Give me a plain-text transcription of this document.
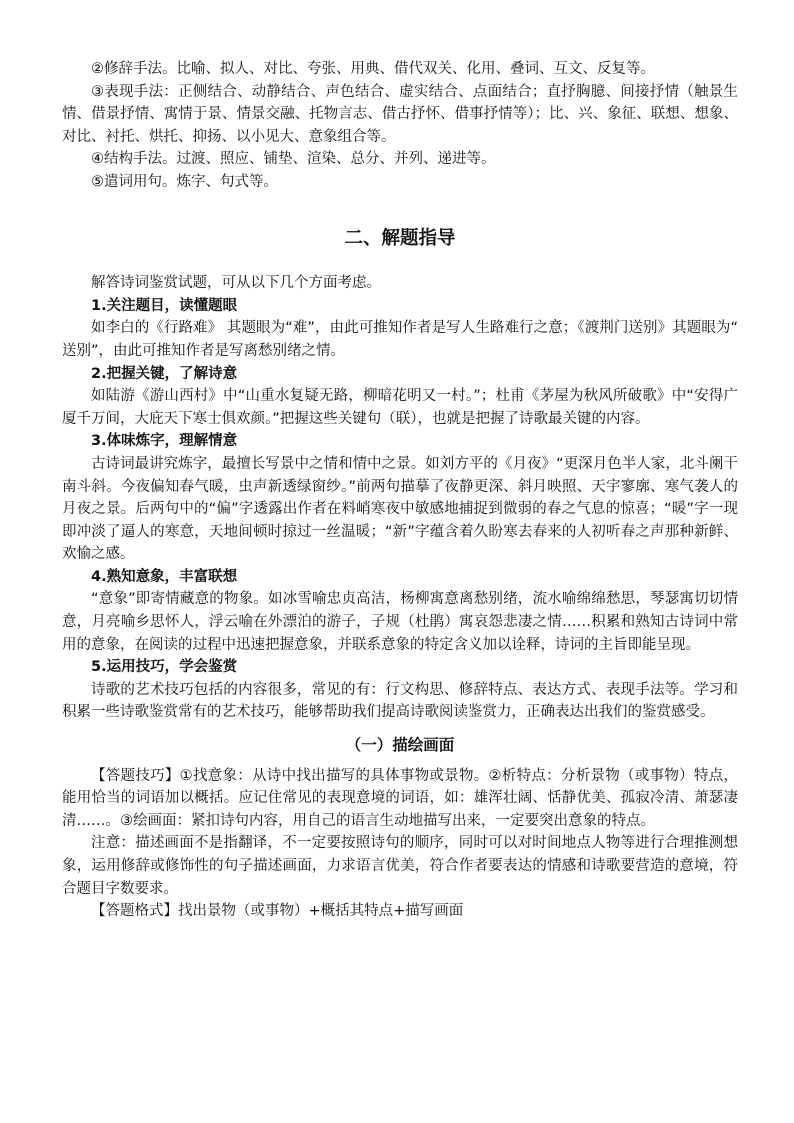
②修辞手法。比喻、拟人、对比、夸张、用典、借代双关、化用、叠词、互文、反复等。

③表现手法：正侧结合、动静结合、声色结合、虚实结合、点面结合；直抒胸臆、间接抒情（触景生情、借景抒情、寓情于景、情景交融、托物言志、借古抒怀、借事抒情等）；比、兴、象征、联想、想象、对比、衬托、烘托、抑扬、以小见大、意象组合等。

④结构手法。过渡、照应、铺垫、渲染、总分、并列、递进等。

⑤遣词用句。炼字、句式等。

二、解题指导

解答诗词鉴赏试题，可从以下几个方面考虑。

1.关注题目，读懂题眼

如李白的《行路难》 其题眼为“难”，由此可推知作者是写人生路难行之意；《渡荆门送别》其题眼为“ 送别”，由此可推知作者是写离愁别绪之情。

2.把握关键，了解诗意

如陆游《游山西村》中“山重水复疑无路，柳暗花明又一村。”；杜甫《茅屋为秋风所破歌》中“安得广厦千万间，大庇天下寒士俱欢颜。”把握这些关键句（联），也就是把握了诗歌最关键的内容。

3.体味炼字，理解情意

古诗词最讲究炼字，最擅长写景中之情和情中之景。如刘方平的《月夜》“更深月色半人家，北斗阑干南斗斜。今夜偏知春气暖，虫声新透绿窗纱。”前两句描摹了夜静更深、斜月映照、天宇寥廓、寒气袭人的月夜之景。后两句中的“偏”字透露出作者在料峭寒夜中敏感地捕捉到微弱的春之气息的惊喜；“暖”字一现即冲淡了逼人的寒意，天地间顿时掠过一丝温暖；“新”字蕴含着久盼寒去春来的人初听春之声那种新鲜、欢愉之感。

4.熟知意象，丰富联想

“意象”即寄情藏意的物象。如冰雪喻忠贞高洁，杨柳寓意离愁别绪，流水喻绵绵愁思，琴瑟寓切切情意，月亮喻乡思怀人，浮云喻在外漂泊的游子，子规（杜鹃）寓哀怨悲凄之情……积累和熟知古诗词中常用的意象，在阅读的过程中迅速把握意象，并联系意象的特定含义加以诠释，诗词的主旨即能呈现。

5.运用技巧，学会鉴赏

诗歌的艺术技巧包括的内容很多，常见的有：行文构思、修辞特点、表达方式、表现手法等。学习和积累一些诗歌鉴赏常有的艺术技巧，能够帮助我们提高诗歌阅读鉴赏力，正确表达出我们的鉴赏感受。

（一）描绘画面

【答题技巧】①找意象：从诗中找出描写的具体事物或景物。②析特点：分析景物（或事物）特点，能用恰当的词语加以概括。应记住常见的表现意境的词语，如：雄浑壮阔、恬静优美、孤寂冷清、萧瑟凄清……。③绘画面：紧扣诗句内容，用自己的语言生动地描写出来，一定要突出意象的特点。

注意：描述画面不是指翻译，不一定要按照诗句的顺序，同时可以对时间地点人物等进行合理推测想象，运用修辞或修饰性的句子描述画面，力求语言优美，符合作者要表达的情感和诗歌要营造的意境，符合题目字数要求。

【答题格式】找出景物（或事物）+概括其特点+描写画面
